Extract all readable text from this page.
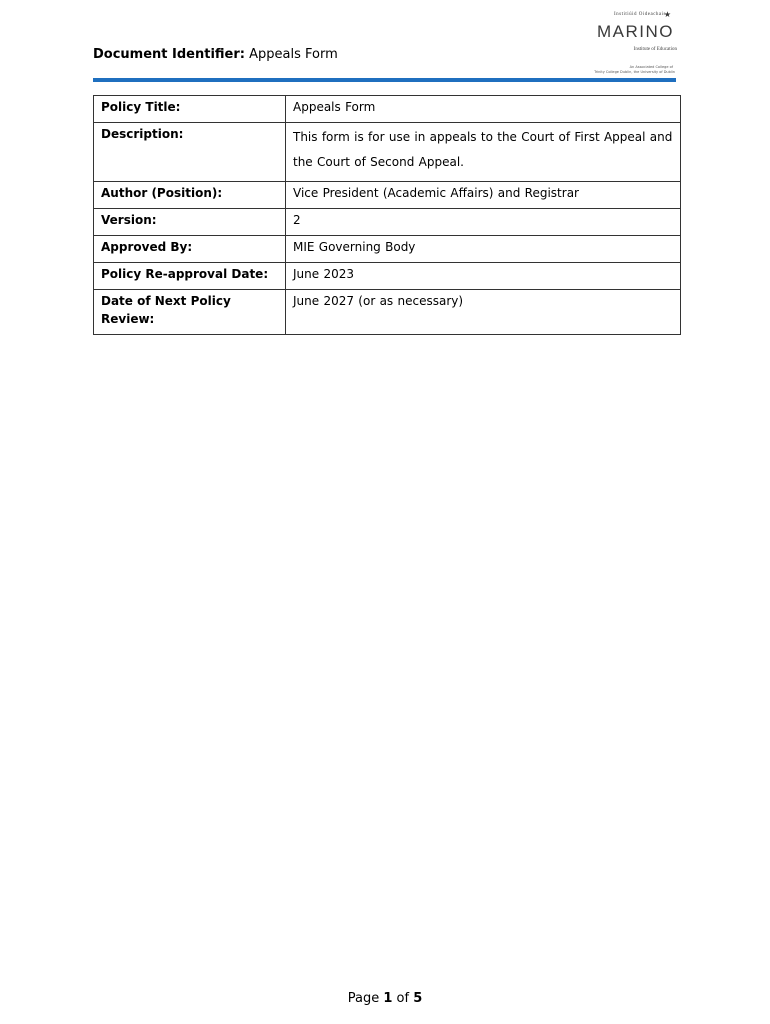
Document Identifier: Appeals Form
Institiúid Oideachais
★
MARINO
Institute of Education
An Associated College of
Trinity College Dublin, the University of Dublin
Policy Title:	Appeals Form
Description:	This form is for use in appeals to the Court of First Appeal and the Court of Second Appeal.
Author (Position):	Vice President (Academic Affairs) and Registrar
Version:	2
Approved By:	MIE Governing Body
Policy Re-approval Date:	June 2023
Date of Next Policy Review:	June 2027 (or as necessary)
Page 1 of 5
